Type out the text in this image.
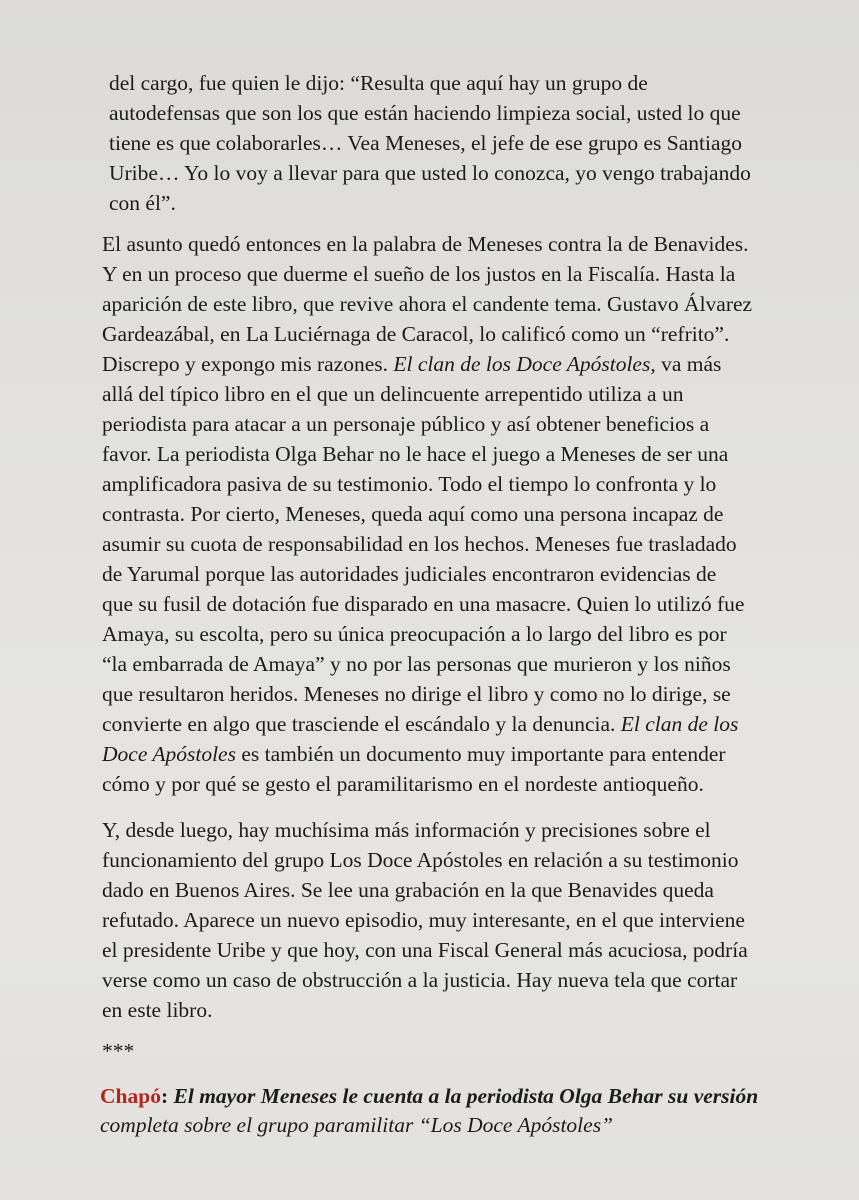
del cargo, fue quien le dijo: “Resulta que aquí hay un grupo de
autodefensas que son los que están haciendo limpieza social, usted lo que
tiene es que colaborarles… Vea Meneses, el jefe de ese grupo es Santiago
Uribe… Yo lo voy a llevar para que usted lo conozca, yo vengo trabajando
con él”.

El asunto quedó entonces en la palabra de Meneses contra la de Benavides.
Y en un proceso que duerme el sueño de los justos en la Fiscalía. Hasta la
aparición de este libro, que revive ahora el candente tema. Gustavo Álvarez
Gardeazábal, en La Luciérnaga de Caracol, lo calificó como un “refrito”.
Discrepo y expongo mis razones. El clan de los Doce Apóstoles, va más
allá del típico libro en el que un delincuente arrepentido utiliza a un
periodista para atacar a un personaje público y así obtener beneficios a
favor. La periodista Olga Behar no le hace el juego a Meneses de ser una
amplificadora pasiva de su testimonio. Todo el tiempo lo confronta y lo
contrasta. Por cierto, Meneses, queda aquí como una persona incapaz de
asumir su cuota de responsabilidad en los hechos. Meneses fue trasladado
de Yarumal porque las autoridades judiciales encontraron evidencias de
que su fusil de dotación fue disparado en una masacre. Quien lo utilizó fue
Amaya, su escolta, pero su única preocupación a lo largo del libro es por
“la embarrada de Amaya” y no por las personas que murieron y los niños
que resultaron heridos. Meneses no dirige el libro y como no lo dirige, se
convierte en algo que trasciende el escándalo y la denuncia. El clan de los
Doce Apóstoles es también un documento muy importante para entender
cómo y por qué se gesto el paramilitarismo en el nordeste antioqueño.

Y, desde luego, hay muchísima más información y precisiones sobre el
funcionamiento del grupo Los Doce Apóstoles en relación a su testimonio
dado en Buenos Aires. Se lee una grabación en la que Benavides queda
refutado. Aparece un nuevo episodio, muy interesante, en el que interviene
el presidente Uribe y que hoy, con una Fiscal General más acuciosa, podría
verse como un caso de obstrucción a la justicia. Hay nueva tela que cortar
en este libro.

***
Chapó: El mayor Meneses le cuenta a la periodista Olga Behar su versión
completa sobre el grupo paramilitar “Los Doce Apóstoles”
